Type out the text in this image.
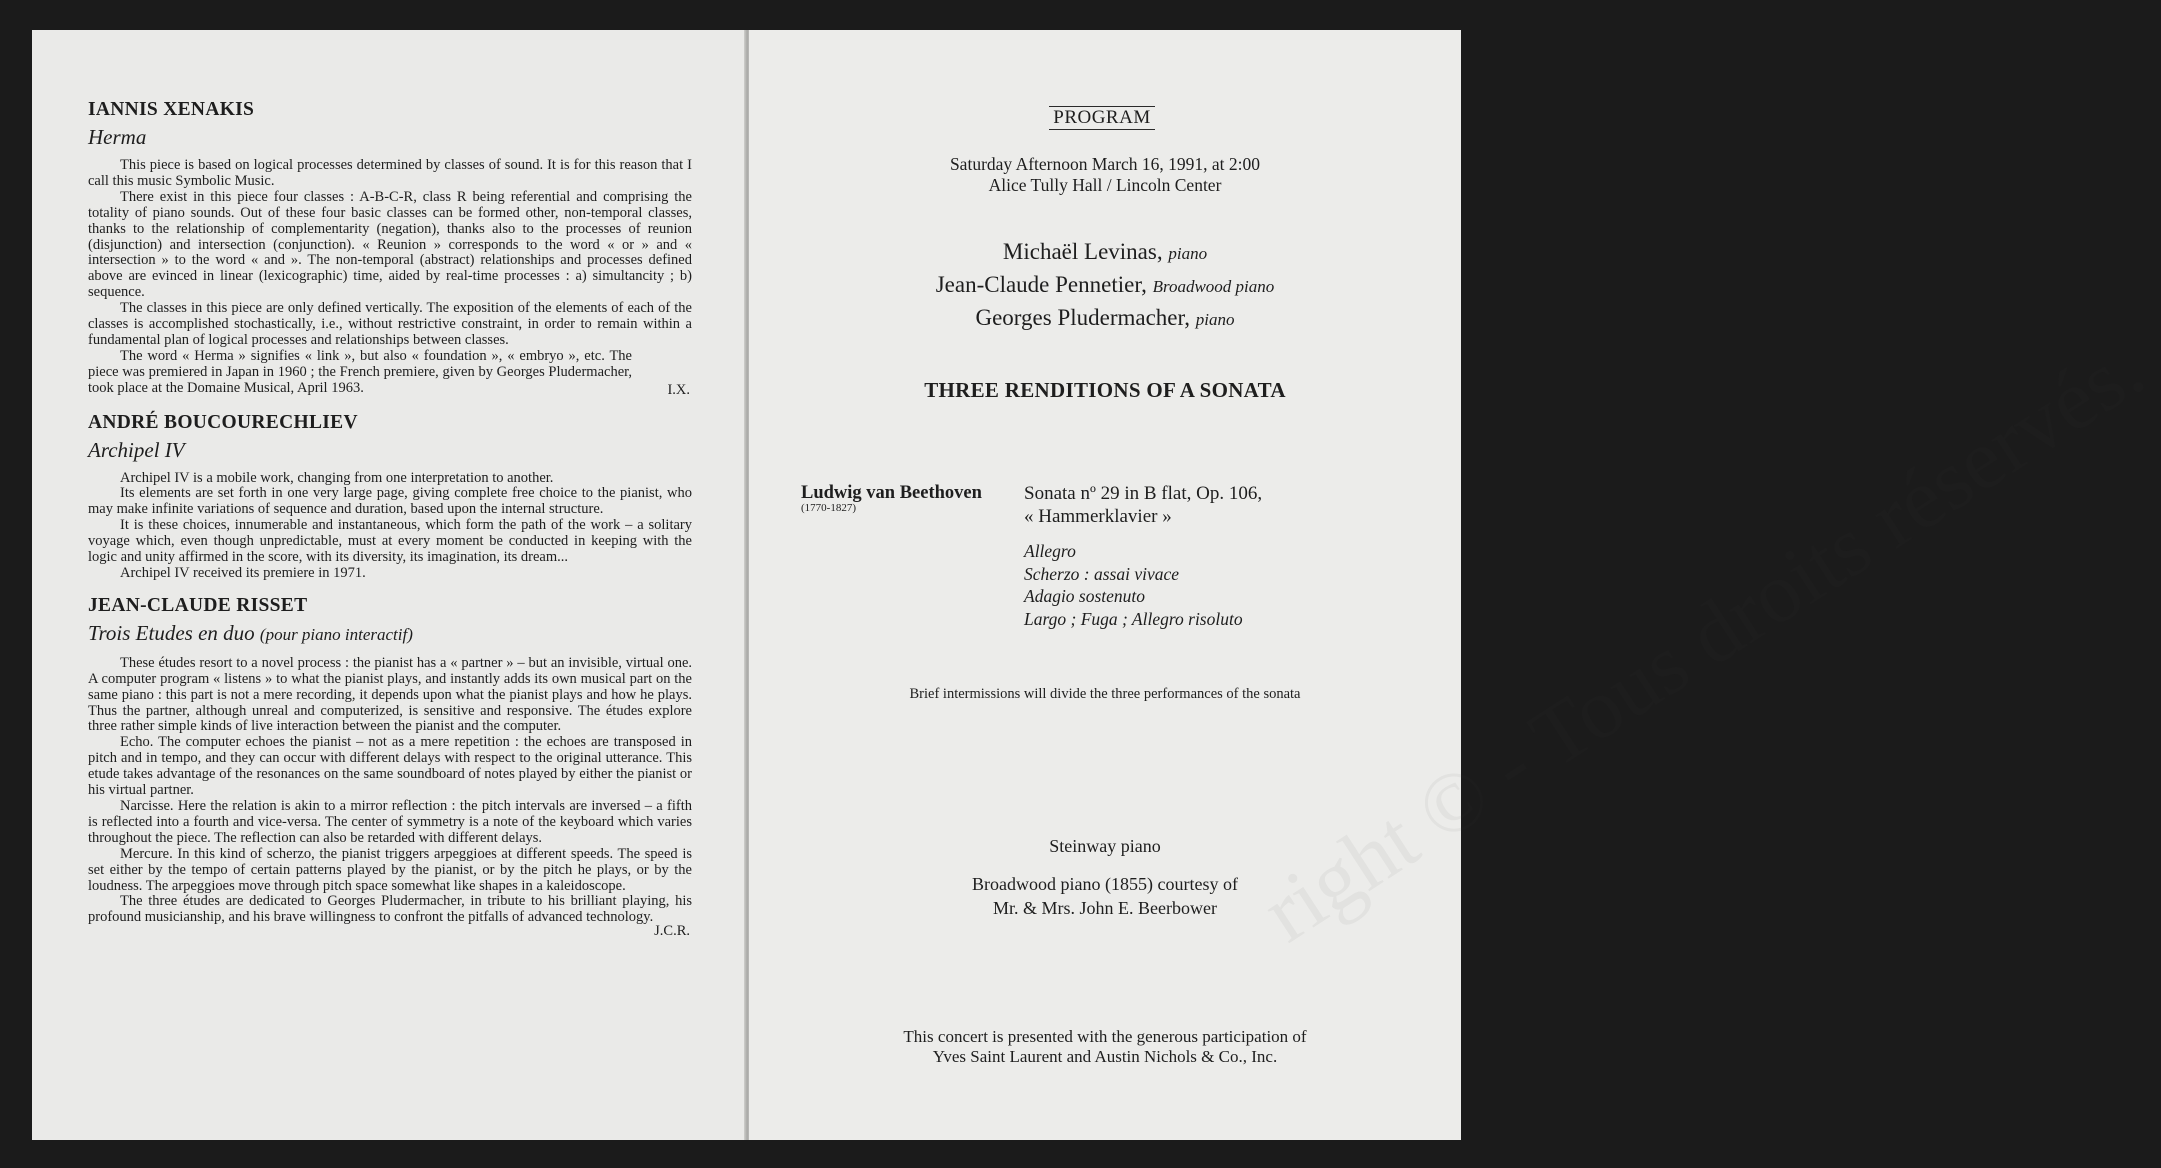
IANNIS XENAKIS
Herma

This piece is based on logical processes determined by classes of sound. It is for this reason that I call this music Symbolic Music.

There exist in this piece four classes : A-B-C-R, class R being referential and comprising the totality of piano sounds. Out of these four basic classes can be formed other, non-temporal classes, thanks to the relationship of complementarity (negation), thanks also to the processes of reunion (disjunction) and intersection (conjunction). « Reunion » corresponds to the word « or » and « intersection » to the word « and ». The non-temporal (abstract) relationships and processes defined above are evinced in linear (lexicographic) time, aided by real-time processes : a) simultancity ; b) sequence.

The classes in this piece are only defined vertically. The exposition of the elements of each of the classes is accomplished stochastically, i.e., without restrictive constraint, in order to remain within a fundamental plan of logical processes and relationships between classes.

The word « Herma » signifies « link », but also « foundation », « embryo », etc. The piece was premiered in Japan in 1960 ; the French premiere, given by Georges Pludermacher, took place at the Domaine Musical, April 1963.	I.X.
ANDRÉ BOUCOURECHLIEV
Archipel IV

Archipel IV is a mobile work, changing from one interpretation to another.

Its elements are set forth in one very large page, giving complete free choice to the pianist, who may make infinite variations of sequence and duration, based upon the internal structure.

It is these choices, innumerable and instantaneous, which form the path of the work – a solitary voyage which, even though unpredictable, must at every moment be conducted in keeping with the logic and unity affirmed in the score, with its diversity, its imagination, its dream...

Archipel IV received its premiere in 1971.

JEAN-CLAUDE RISSET
Trois Etudes en duo (pour piano interactif)

These études resort to a novel process : the pianist has a « partner » – but an invisible, virtual one. A computer program « listens » to what the pianist plays, and instantly adds its own musical part on the same piano : this part is not a mere recording, it depends upon what the pianist plays and how he plays. Thus the partner, although unreal and computerized, is sensitive and responsive. The études explore three rather simple kinds of live interaction between the pianist and the computer.

Echo. The computer echoes the pianist – not as a mere repetition : the echoes are transposed in pitch and in tempo, and they can occur with different delays with respect to the original utterance. This etude takes advantage of the resonances on the same soundboard of notes played by either the pianist or his virtual partner.

Narcisse. Here the relation is akin to a mirror reflection : the pitch intervals are inversed – a fifth is reflected into a fourth and vice-versa. The center of symmetry is a note of the keyboard which varies throughout the piece. The reflection can also be retarded with different delays.

Mercure. In this kind of scherzo, the pianist triggers arpeggioes at different speeds. The speed is set either by the tempo of certain patterns played by the pianist, or by the pitch he plays, or by the loudness. The arpeggioes move through pitch space somewhat like shapes in a kaleidoscope.

The three études are dedicated to Georges Pludermacher, in tribute to his brilliant playing, his profound musicianship, and his brave willingness to confront the pitfalls of advanced technology.

J.C.R.	right © - Tous droits réservés.
PROGRAM
Saturday Afternoon March 16, 1991, at 2:00
Alice Tully Hall / Lincoln Center
Michaël Levinas, piano
Jean-Claude Pennetier, Broadwood piano
Georges Pludermacher, piano
THREE RENDITIONS OF A SONATA
Ludwig van Beethoven
(1770-1827)
Sonata nº 29 in B flat, Op. 106,
« Hammerklavier »
Allegro
Scherzo : assai vivace
Adagio sostenuto
Largo ; Fuga ; Allegro risoluto
Brief intermissions will divide the three performances of the sonata
Steinway piano
Broadwood piano (1855) courtesy of
Mr. & Mrs. John E. Beerbower
This concert is presented with the generous participation of
Yves Saint Laurent and Austin Nichols & Co., Inc.
